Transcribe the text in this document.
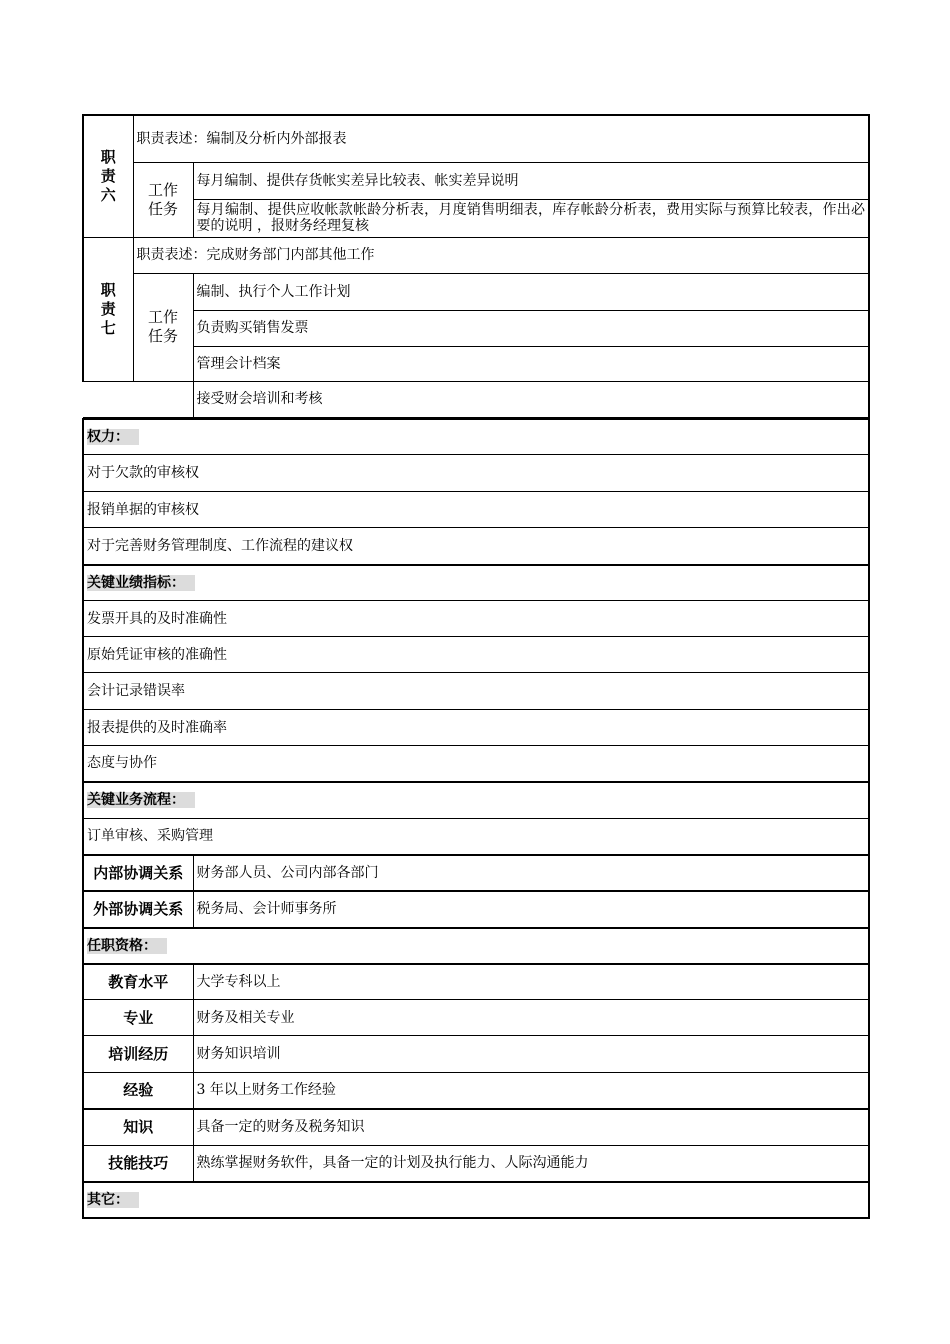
职
责
六	职责表述：编制及分析内外部报表	
	工作
任务	每月编制、提供存货帐实差异比较表、帐实差异说明
		每月编制、提供应收帐款帐龄分析表，月度销售明细表，库存帐龄分析表，费用实际与预算比较表，作出必要的说明 ，报财务经理复核
职
责
七	职责表述：完成财务部门内部其他工作	
	工作
任务	编制、执行个人工作计划
		负责购买销售发票
		管理会计档案
		接受财会培训和考核
权力：	
对于欠款的审核权	
报销单据的审核权	
对于完善财务管理制度、工作流程的建议权	
关键业绩指标：	
发票开具的及时准确性	
原始凭证审核的准确性	
会计记录错误率	
报表提供的及时准确率	
态度与协作	
关键业务流程：	
订单审核、采购管理	
内部协调关系	财务部人员、公司内部各部门
外部协调关系	税务局、会计师事务所
任职资格：	
教育水平	大学专科以上
专业	财务及相关专业
培训经历	财务知识培训
经验	3 年以上财务工作经验
知识	具备一定的财务及税务知识
技能技巧	熟练掌握财务软件，具备一定的计划及执行能力、人际沟通能力
其它：	
